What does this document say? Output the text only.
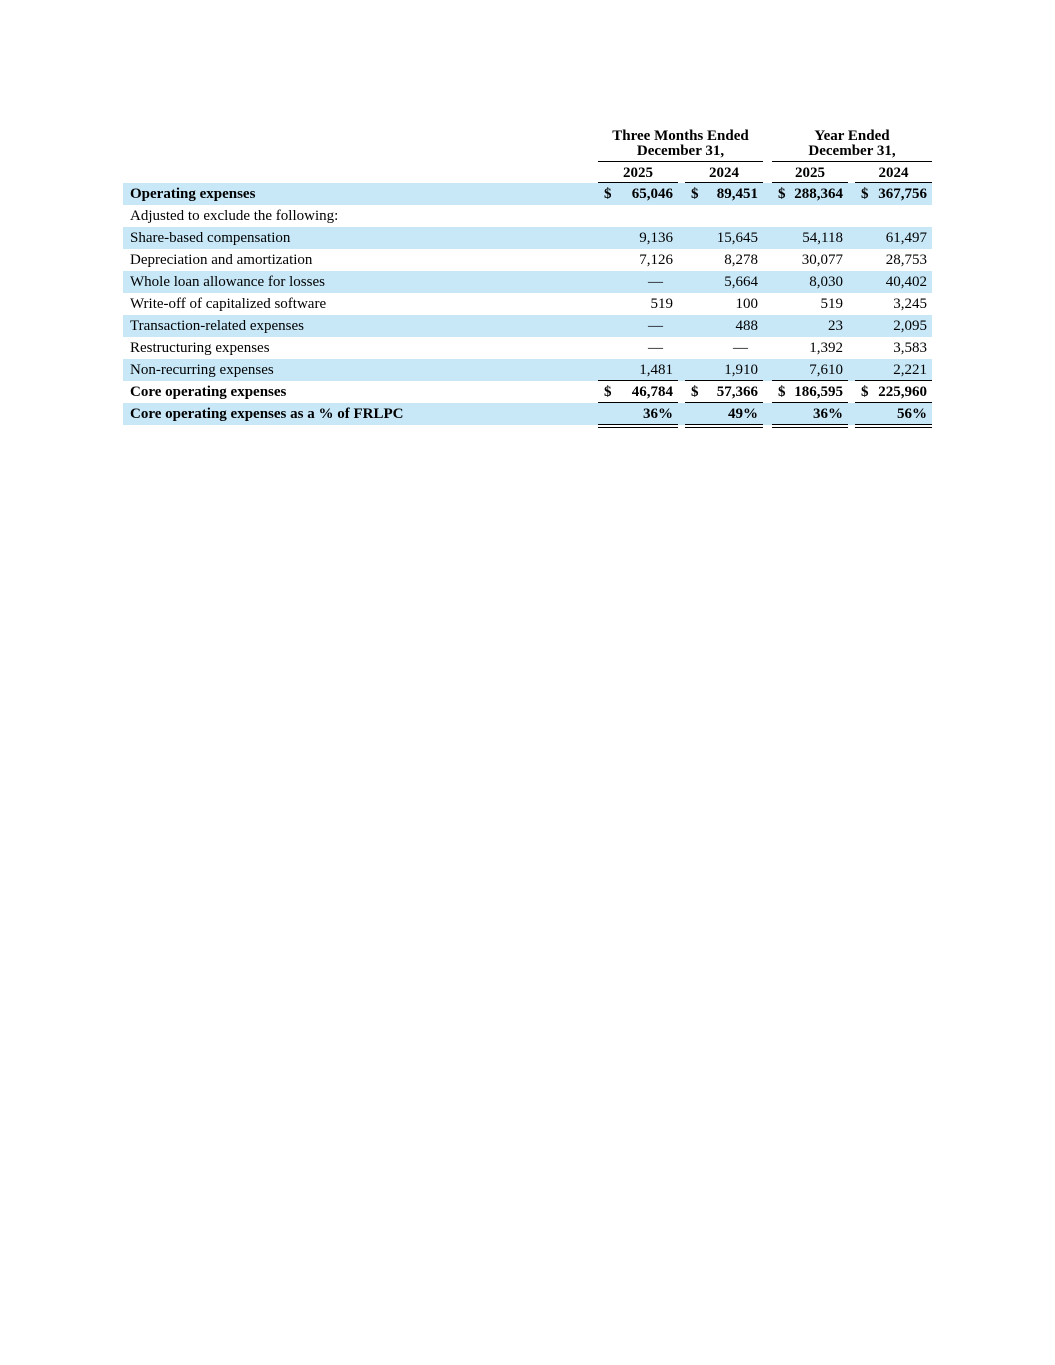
Three Months Ended
December 31,
Year Ended
December 31,
2025	2024	2025	2024
Operating expenses	$	65,046 $	89,451 $ 288,364 $ 367,756
Adjusted to exclude the following:
Share-based compensation	9,136	15,645	54,118	61,497
Depreciation and amortization	7,126	8,278	30,077	28,753
Whole loan allowance for losses	—	5,664	8,030	40,402
Write-off of capitalized software	519	100	519	3,245
Transaction-related expenses	—	488	23	2,095
Restructuring expenses	—	—	1,392	3,583
Non-recurring expenses	1,481	1,910	7,610	2,221
Core operating expenses	$	46,784 $	57,366 $ 186,595 $ 225,960
Core operating expenses as a % of FRLPC	36 %	49 %	36 %	56 %
